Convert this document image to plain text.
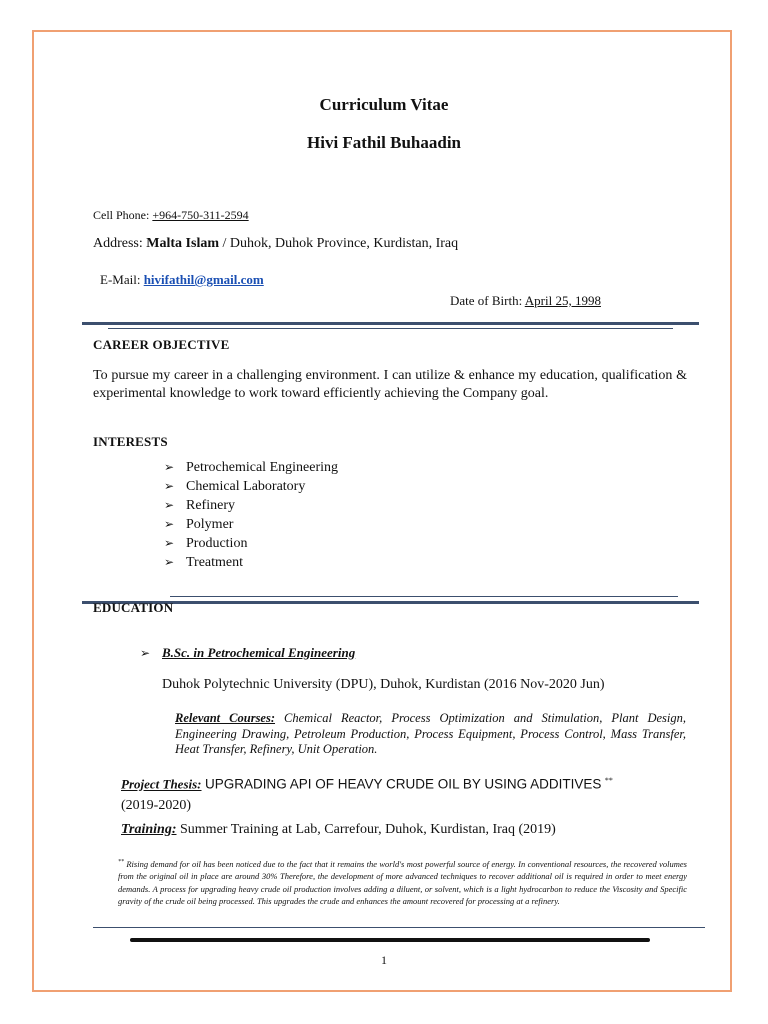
Curriculum Vitae
Hivi Fathil Buhaadin
Cell Phone: +964-750-311-2594
Address: Malta Islam / Duhok, Duhok Province, Kurdistan, Iraq
E-Mail: hivifathil@gmail.com
Date of Birth: April 25, 1998
CAREER OBJECTIVE
To pursue my career in a challenging environment. I can utilize & enhance my education, qualification & experimental knowledge to work toward efficiently achieving the Company goal.
INTERESTS
➢ Petrochemical Engineering
➢ Chemical Laboratory
➢ Refinery
➢ Polymer
➢ Production
➢ Treatment
EDUCATION
➢ B.Sc. in Petrochemical Engineering
Duhok Polytechnic University (DPU), Duhok, Kurdistan (2016 Nov-2020 Jun)
Relevant Courses: Chemical Reactor, Process Optimization and Stimulation, Plant Design, Engineering Drawing, Petroleum Production, Process Equipment, Process Control, Mass Transfer, Heat Transfer, Refinery, Unit Operation.
Project Thesis: UPGRADING API OF HEAVY CRUDE OIL BY USING ADDITIVES **
(2019-2020)
Training: Summer Training at Lab, Carrefour, Duhok, Kurdistan, Iraq (2019)
** Rising demand for oil has been noticed due to the fact that it remains the world's most powerful source of energy. In conventional resources, the recovered volumes from the original oil in place are around 30% Therefore, the development of more advanced techniques to recover additional oil is required in order to meet energy demands. A process for upgrading heavy crude oil production involves adding a diluent, or solvent, which is a light hydrocarbon to reduce the Viscosity and Specific gravity of the crude oil being processed. This upgrades the crude and enhances the amount recovered for processing at a refinery.
1
